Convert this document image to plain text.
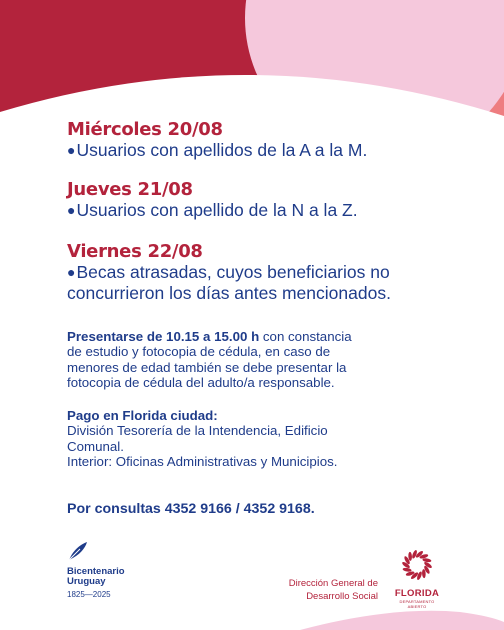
Miércoles 20/08
●Usuarios con apellidos de la A a la M.
Jueves 21/08
●Usuarios con apellido de la N a la Z.
Viernes 22/08
●Becas atrasadas, cuyos beneficiarios no
concurrieron los días antes mencionados.
Presentarse de 10.15 a 15.00 h con constancia
de estudio y fotocopia de cédula, en caso de
menores de edad también se debe presentar la
fotocopia de cédula del adulto/a responsable.
Pago en Florida ciudad:
División Tesorería de la Intendencia, Edificio
Comunal.
Interior: Oficinas Administrativas y Municipios.
Por consultas 4352 9166 / 4352 9168.
Bicentenario
Uruguay
1825—2025
Dirección General de
Desarrollo Social	FLORIDA
DEPARTAMENTO ABIERTO
